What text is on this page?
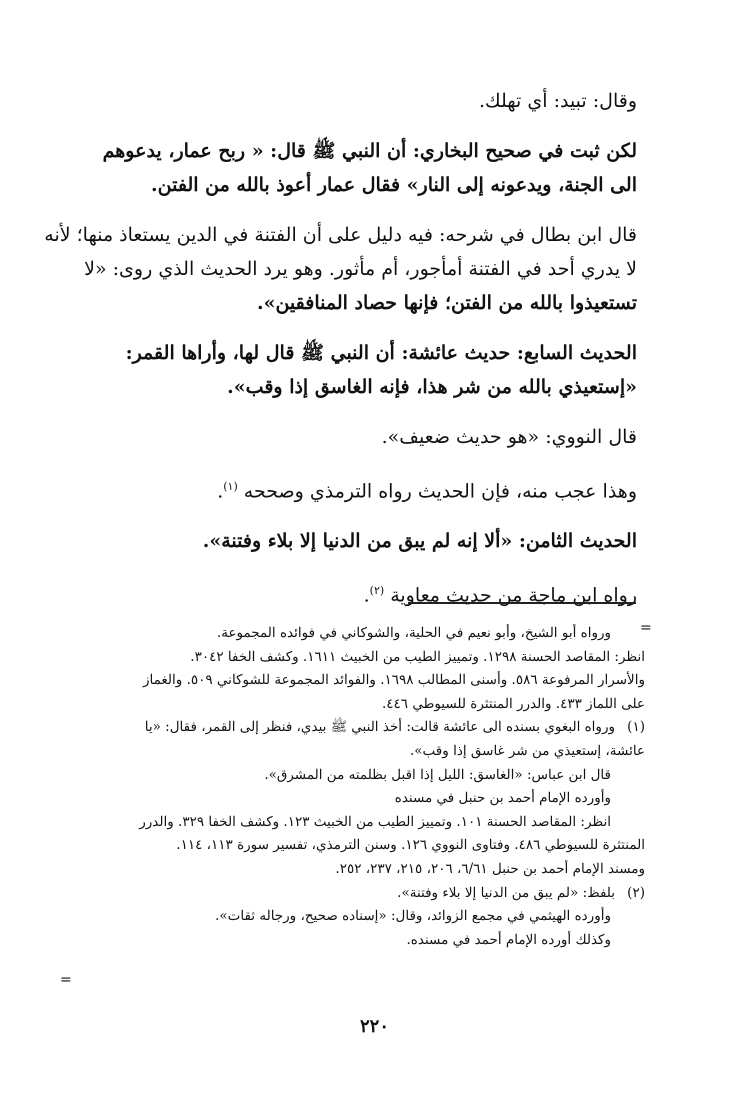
وقال: تبيد: أي تهلك.

لكن ثبت في صحيح البخاري: أن النبي ﷺ قال: « ربح عمار، يدعوهم

الى الجنة، ويدعونه إلى النار» فقال عمار أعوذ بالله من الفتن.

قال ابن بطال في شرحه: فيه دليل على أن الفتنة في الدين يستعاذ منها؛ لأنه

لا يدري أحد في الفتنة أمأجور، أم مأثور. وهو يرد الحديث الذي روى: «لا

تستعيذوا بالله من الفتن؛ فإنها حصاد المنافقين».

الحديث السابع: حديث عائشة: أن النبي ﷺ قال لها، وأراها القمر:

«إستعيذي بالله من شر هذا، فإنه الغاسق إذا وقب».

قال النووي: «هو حديث ضعيف».

وهذا عجب منه، فإن الحديث رواه الترمذي وصححه $^{(١)}$.

الحديث الثامن: «ألا إنه لم يبق من الدنيا إلا بلاء وفتنة».

رواه ابن ماجة من حديث معاوية $^{(٢)}$.

=
ورواه أبو الشيخ، وأبو نعيم في الحلية، والشوكاني في فوائده المجموعة.
انظر: المقاصد الحسنة ١٢٩٨. وتمييز الطيب من الخبيث ١٦١١. وكشف الخفا ٣٠٤٢.
والأسرار المرفوعة ٥٨٦. وأسنى المطالب ١٦٩٨. والفوائد المجموعة للشوكاني ٥٠٩. والغماز
على اللماز ٤٣٣. والدرر المنتثرة للسيوطي ٤٤٦.
(١)ورواه البغوي بسنده الى عائشة قالت: أخذ النبي ﷺ بيدي، فنظر إلى القمر، فقال: «يا
عائشة، إستعيذي من شر غاسق إذا وقب».
قال ابن عباس: «الغاسق: الليل إذا اقبل بظلمته من المشرق».
وأورده الإمام أحمد بن حنبل في مسنده
انظر: المقاصد الحسنة ١٠١. وتمييز الطيب من الخبيث ١٢٣. وكشف الخفا ٣٢٩. والدرر
المنتثرة للسيوطي ٤٨٦. وفتاوى النووي ١٢٦. وسنن الترمذي، تفسير سورة ١١٣، ١١٤.
ومسند الإمام أحمد بن حنبل ٦/٦١، ٢٠٦، ٢١٥، ٢٣٧، ٢٥٢.
(٢)بلفظ: «لم يبق من الدنيا إلا بلاء وفتنة».
وأورده الهيثمي في مجمع الزوائد، وقال: «إسناده صحيح، ورجاله ثقات».
وكذلك أورده الإمام أحمد في مسنده.
=
٢٢٠
